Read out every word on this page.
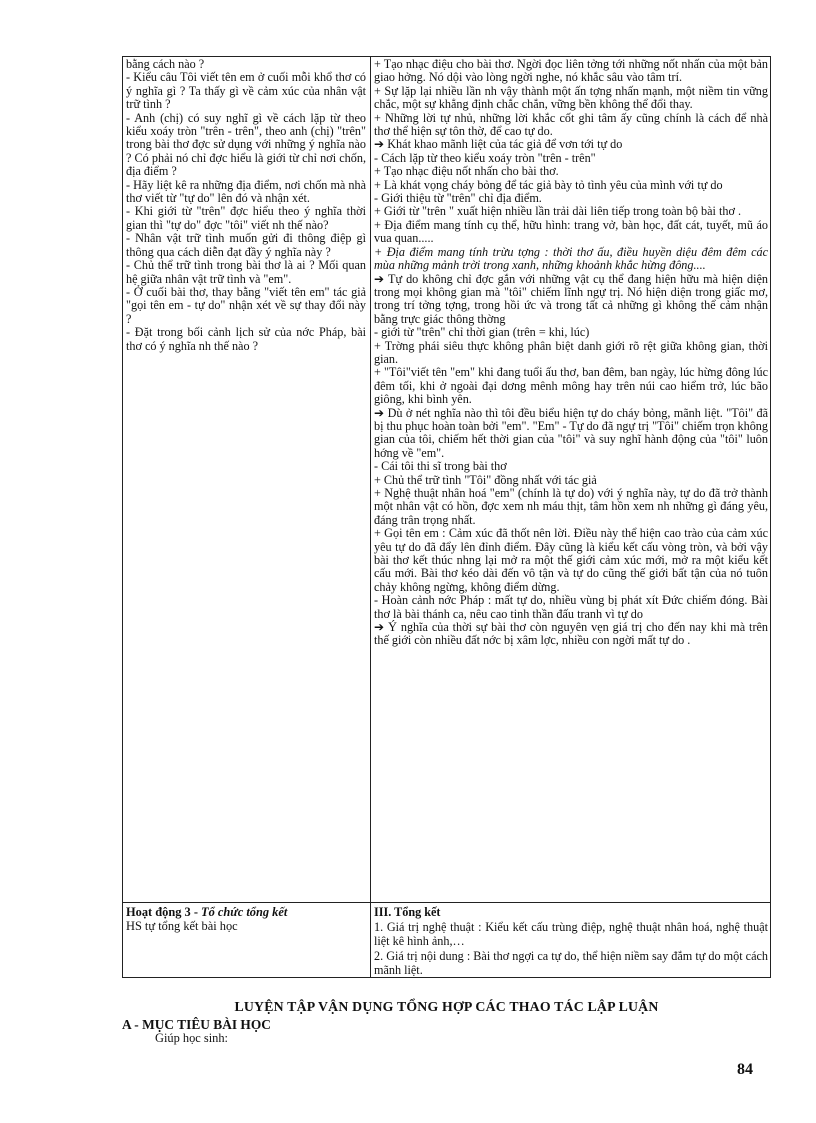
bằng cách nào ?

- Kiểu câu Tôi viết tên em ở cuối mỗi khổ thơ có ý nghĩa gì ? Ta thấy gì về cảm xúc của nhân vật trữ tình ?

- Anh (chị) có suy nghĩ gì về cách lặp từ theo kiểu xoáy tròn "trên - trên", theo anh (chị) "trên" trong bài thơ đợc sử dụng với những ý nghĩa nào ? Có phải nó chỉ đợc hiểu là giới từ chỉ nơi chốn, địa điểm ?

- Hãy liệt kê ra những địa điểm, nơi chốn mà nhà thơ viết từ "tự do" lên đó và nhận xét.

- Khi giới từ "trên" đợc hiểu theo ý nghĩa thời gian thì "tự do" đợc "tôi" viết nh thế nào?

- Nhân vật trữ tình muốn gửi đi thông điệp gì thông qua cách diễn đạt đầy ý nghĩa này ?

- Chủ thể trữ tình trong bài thơ là ai ? Mối quan hệ giữa nhân vật trữ tình và "em".

- Ở cuối bài thơ, thay bằng "viết tên em" tác giả "gọi tên em - tự do" nhận xét về sự thay đổi này ?

- Đặt trong bối cảnh lịch sử của nớc Pháp, bài thơ có ý nghĩa nh thế nào ?

+ Tạo nhạc điệu cho bài thơ. Ngời đọc liên tởng tới những nốt nhấn của một bản giao hởng. Nó dội vào lòng ngời nghe, nó khắc sâu vào tâm trí.

+ Sự lặp lại nhiều lần nh vậy thành một ấn tợng nhấn mạnh, một niềm tin vững chắc, một sự khẳng định chắc chắn, vững bền không thể đổi thay.

+ Những lời tự nhủ, những lời khắc cốt ghi tâm ấy cũng chính là cách để nhà thơ thể hiện sự tôn thờ, để cao tự do.

➔ Khát khao mãnh liệt của tác giả để vơn tới tự do

- Cách lặp từ theo kiểu xoáy tròn "trên - trên"

+ Tạo nhạc điệu nốt nhấn cho bài thơ.

+ Là khát vọng cháy bỏng để tác giả bày tỏ tình yêu của mình với tự do

- Giới thiệu từ "trên" chỉ địa điểm.

+ Giới từ "trên " xuất hiện nhiều lần trải dài liên tiếp trong toàn bộ bài thơ .

+ Địa điểm mang tính cụ thể, hữu hình: trang vở, bàn học, đất cát, tuyết, mũ áo vua quan.....

+ Địa điểm mang tính trừu tợng : thời thơ ấu, điều huyền diệu đêm đêm các mùa những mảnh trời trong xanh, những khoảnh khắc hừng đông....

➔ Tự do không chỉ đợc gắn với những vật cụ thể đang hiện hữu mà hiện diện trong mọi không gian mà "tôi" chiếm lĩnh ngự trị. Nó hiện diện trong giấc mơ, trong trí tởng tợng, trong hồi ức và trong tất cả những gì không thể cảm nhận bằng trực giác thông thờng

- giới từ "trên" chỉ thời gian (trên = khi, lúc)

+ Trờng phái siêu thực không phân biệt danh giới rõ rệt giữa không gian, thời gian.

+ "Tôi"viết tên "em" khi đang tuổi ấu thơ, ban đêm, ban ngày, lúc hừng đông lúc đêm tối, khi ở ngoài đại dơng mênh mông hay trên núi cao hiểm trở, lúc bão giông, khi bình yên.

➔ Dù ở nét nghĩa nào thì tôi đều biểu hiện tự do cháy bỏng, mãnh liệt. "Tôi" đã bị thu phục hoàn toàn bởi "em". "Em" - Tự do đã ngự trị "Tôi" chiếm trọn không gian của tôi, chiếm hết thời gian của "tôi" và suy nghĩ hành động của "tôi" luôn hớng về "em".

- Cái tôi thi sĩ trong bài thơ

+ Chủ thể trữ tình "Tôi" đồng nhất với tác giả

+ Nghệ thuật nhân hoá "em" (chính là tự do) với ý nghĩa này, tự do đã trở thành một nhân vật có hồn, đợc xem nh máu thịt, tâm hồn xem nh những gì đáng yêu, đáng trân trọng nhất.

+ Gọi tên em : Cảm xúc đã thốt nên lời. Điều này thể hiện cao trào của cảm xúc yêu tự do đã đẩy lên đỉnh điểm. Đây cũng là kiểu kết cấu vòng tròn, và bởi vậy bài thơ kết thúc nhng lại mở ra một thế giới cảm xúc mới, mở ra một kiểu kết cấu mới. Bài thơ kéo dài đến vô tận và tự do cũng thế giới bất tận của nó tuôn chảy không ngừng, không điểm dừng.

- Hoàn cảnh nớc Pháp : mất tự do, nhiều vùng bị phát xít Đức chiếm đóng. Bài thơ là bài thánh ca, nêu cao tinh thần đấu tranh vì tự do

➔ Ý nghĩa của thời sự bài thơ còn nguyên vẹn giá trị cho đến nay khi mà trên thế giới còn nhiều đất nớc bị xâm lợc, nhiều con ngời mất tự do .

Hoạt động 3 - Tổ chức tổng kết
HS tự tổng kết bài học
III. Tổng kết
1. Giá trị nghệ thuật : Kiểu kết cấu trùng điệp, nghệ thuật nhân hoá, nghệ thuật liệt kê hình ảnh,…
2. Giá trị nội dung : Bài thơ ngợi ca tự do, thể hiện niềm say đắm tự do một cách mãnh liệt.
LUYỆN TẬP VẬN DỤNG TỔNG HỢP CÁC THAO TÁC LẬP LUẬN
A - MỤC TIÊU BÀI HỌC
Giúp học sinh:
84
